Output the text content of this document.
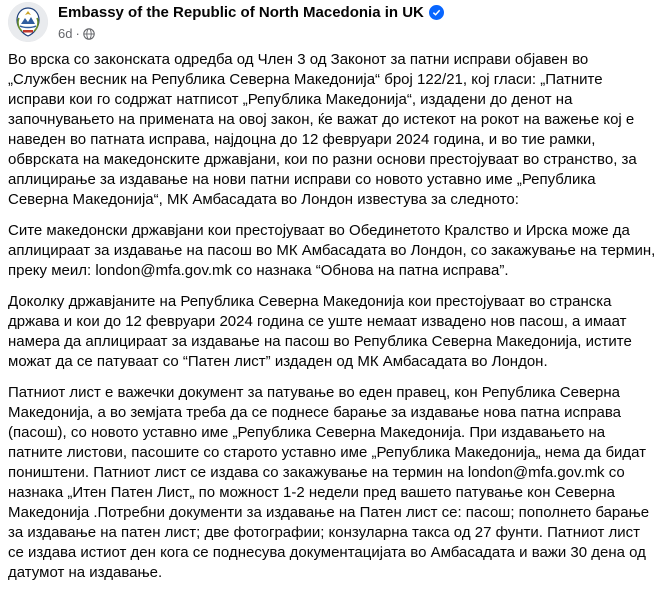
Embassy of the Republic of North Macedonia in UK
6d ·

Во врска со законската одредба од Член 3 од Законот за патни исправи објавен во „Службен весник на Република Северна Македонија“ број 122/21, кој гласи: „Патните исправи кои го содржат натписот „Република Македонија“, издадени до денот на започнувањето на примената на овој закон, ќе важат до истекот на рокот на важење кој е наведен во патната исправа, најдоцна до 12 февруари 2024 година, и во тие рамки, обврската на македонските државјани, кои по разни основи престојуваат во странство, за аплицирање за издавање на нови патни исправи со новото уставно име „Република Северна Македонија“, МК Амбасадата во Лондон известува за следното:

Сите македонски државјани кои престојуваат во Обединетото Кралство и Ирска може да аплицираат за издавање на пасош во МК Амбасадата во Лондон, со закажување на термин, преку меил: london@mfa.gov.mk со назнака “Обнова на патна исправа”.

Доколку државјаните на Република Северна Македонија кои престојуваат во странска држава и кои до 12 февруари 2024 година се уште немаат извадено нов пасош, а имаат намера да аплицираат за издавање на пасош во Република Северна Македонија, истите можат да се патуваат со “Патен лист” издаден од МК Амбасадата во Лондон.

Патниот лист е важечки документ за патување во еден правец, кон Република Северна Македонија, а во земјата треба да се поднесе барање за издавање нова патна исправа (пасош), со новото уставно име „Република Северна Македонија. При издавањето на патните листови, пасошите со старото уставно име „Република Македонија„ нема да бидат поништени. Патниот лист се издава со закажување на термин на london@mfa.gov.mk со назнака „Итен Патен Лист„ по можност 1-2 недели пред вашето патување кон Северна Македонија .Потребни документи за издавање на Патен лист се: пасош; пополнето барање за издавање на патен лист; две фотографии; конзуларна такса од 27 фунти. Патниот лист се издава истиот ден кога се поднесува документацијата во Амбасадата и важи 30 дена од датумот на издавање.
